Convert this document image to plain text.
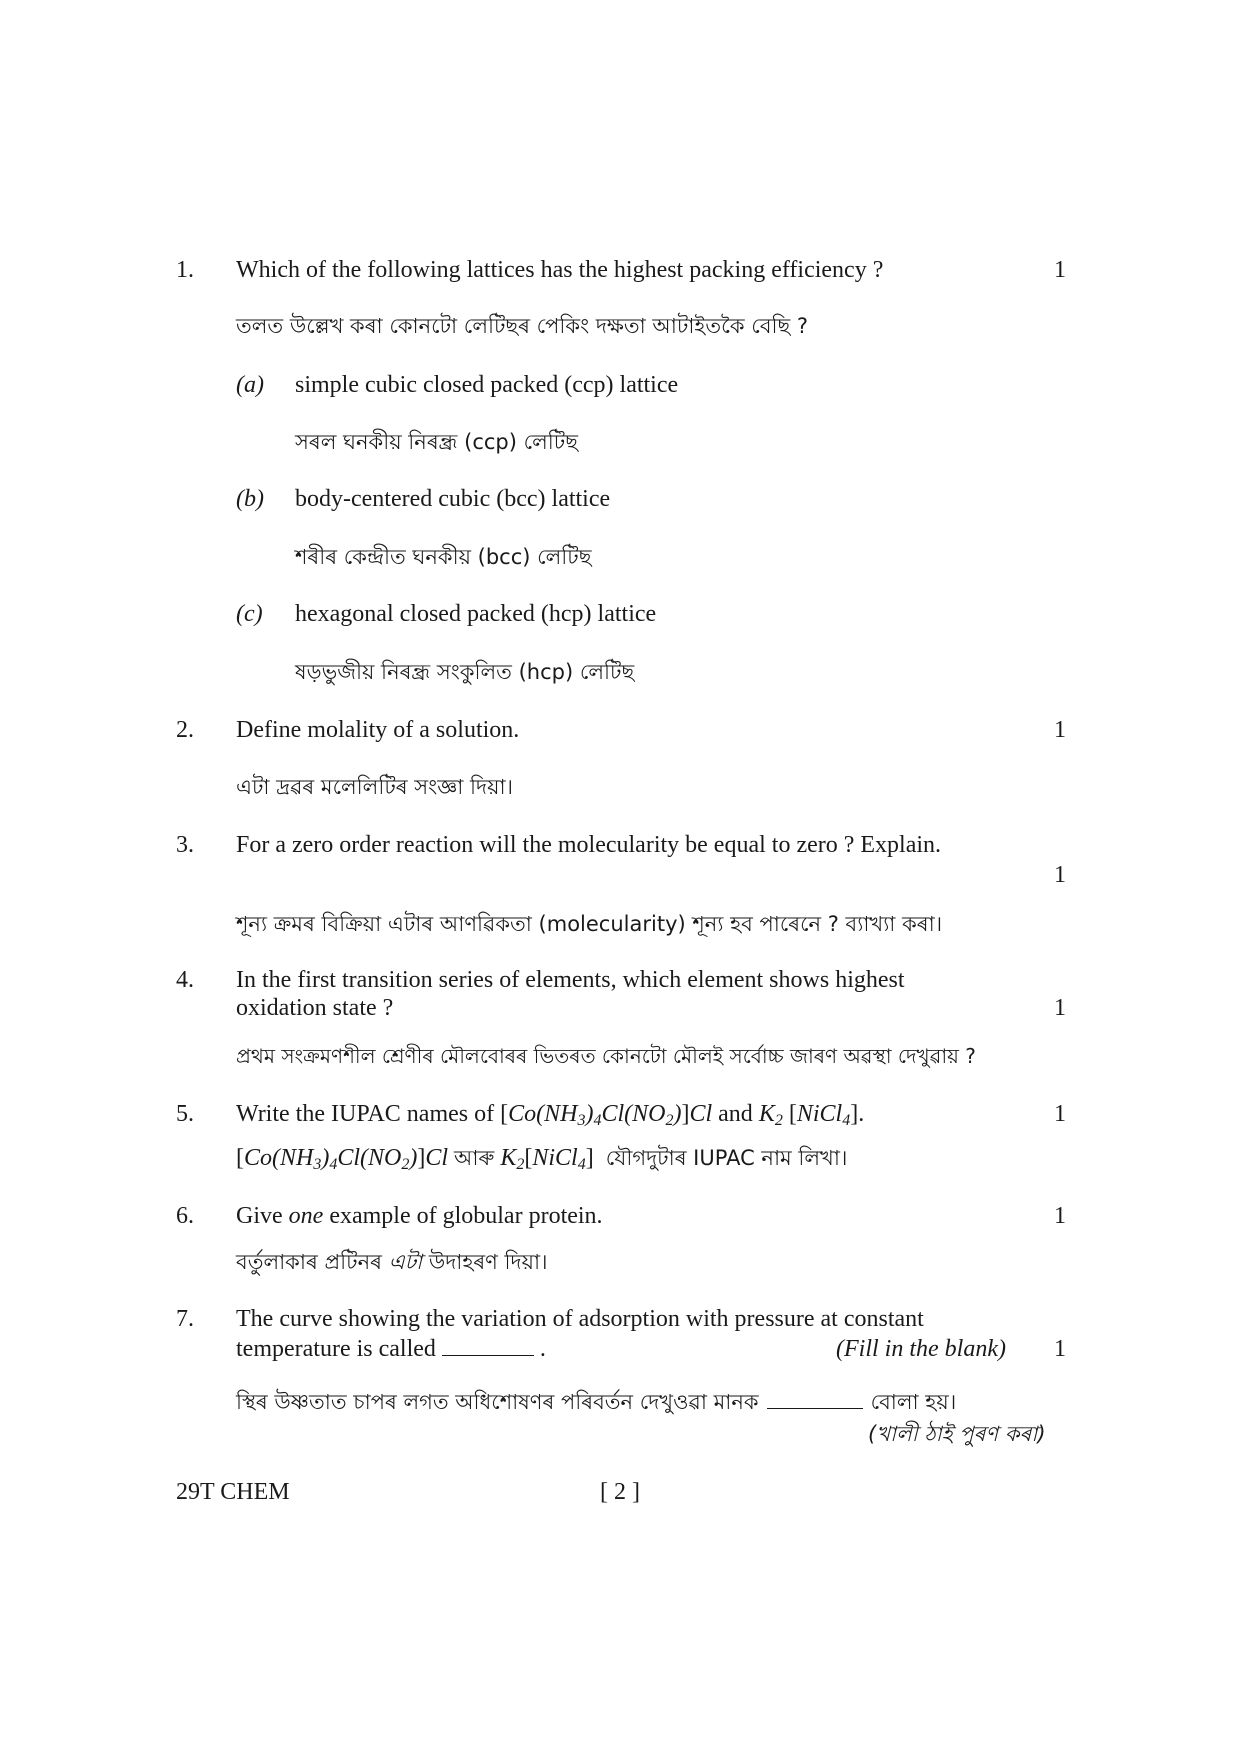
1. Which of the following lattices has the highest packing efficiency ?	1
তলত উল্লেখ কৰা কোনটো লেটিছৰ পেকিং দক্ষতা আটাইতকৈ বেছি ?
(a) simple cubic closed packed (ccp) lattice
সৰল ঘনকীয় নিৰন্ধ্ৰ (ccp) লেটিছ
(b) body-centered cubic (bcc) lattice
শৰীৰ কেন্দ্ৰীত ঘনকীয় (bcc) লেটিছ
(c) hexagonal closed packed (hcp) lattice
ষড়ভুজীয় নিৰন্ধ্ৰ সংকুলিত (hcp) লেটিছ
2. Define molality of a solution.	1
এটা দ্ৰৱৰ মলেলিটিৰ সংজ্ঞা দিয়া।
3. For a zero order reaction will the molecularity be equal to zero ? Explain.
1
শূন্য ক্ৰমৰ বিক্ৰিয়া এটাৰ আণৱিকতা (molecularity) শূন্য হব পাৰেনে ? ব্যাখ্যা কৰা।
4. In the first transition series of elements, which element shows highest
oxidation state ?	1
প্ৰথম সংক্ৰমণশীল শ্ৰেণীৰ মৌলবোৰৰ ভিতৰত কোনটো মৌলই সৰ্বোচ্চ জাৰণ অৱস্থা দেখুৱায় ?
5. Write the IUPAC names of $[Co(NH_3)_4Cl(NO_2)]Cl$ and $K_2$ [NiCl$_4$].	1
$[Co(NH_3)_4Cl(NO_2)]Cl$ আৰু $K_2[NiCl_4]$ যৌগদুটাৰ IUPAC নাম লিখা।
6. Give one example of globular protein.	1
বৰ্তুলাকাৰ প্ৰটিনৰ এটা উদাহৰণ দিয়া।
7. The curve showing the variation of adsorption with pressure at constant
temperature is called	.	(Fill in the blank)	1
স্থিৰ উষ্ণতাত চাপৰ লগত অধিশোষণৰ পৰিবৰ্তন দেখুওৱা মানক	বোলা হয়।
(খালী ঠাই পুৰণ কৰা)
29T CHEM	[ 2 ]
